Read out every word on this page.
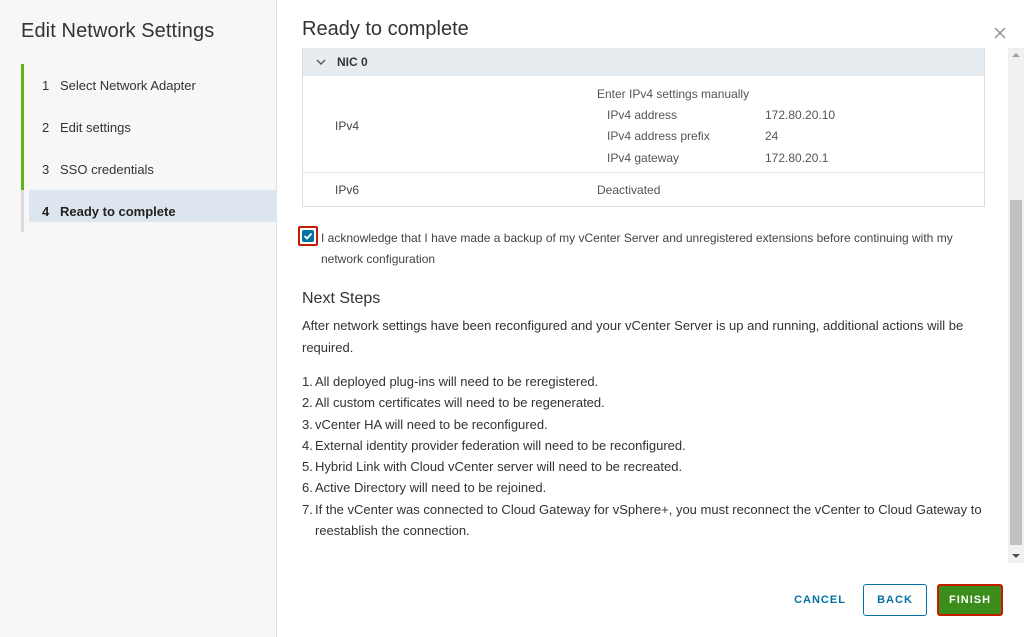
Edit Network Settings
1 Select Network Adapter
2 Edit settings
3 SSO credentials
4 Ready to complete
Ready to complete
NIC 0
IPv4
Enter IPv4 settings manually
IPv4 address	172.80.20.10
IPv4 address prefix	24
IPv4 gateway	172.80.20.1
IPv6	Deactivated
I acknowledge that I have made a backup of my vCenter Server and unregistered extensions before continuing with my network configuration
Next Steps
After network settings have been reconfigured and your vCenter Server is up and running, additional actions will be required.
1. All deployed plug-ins will need to be reregistered.
2. All custom certificates will need to be regenerated.
3. vCenter HA will need to be reconfigured.
4. External identity provider federation will need to be reconfigured.
5. Hybrid Link with Cloud vCenter server will need to be recreated.
6. Active Directory will need to be rejoined.
7. If the vCenter was connected to Cloud Gateway for vSphere+, you must reconnect the vCenter to Cloud Gateway to reestablish the connection.
CANCEL	BACK	FINISH
